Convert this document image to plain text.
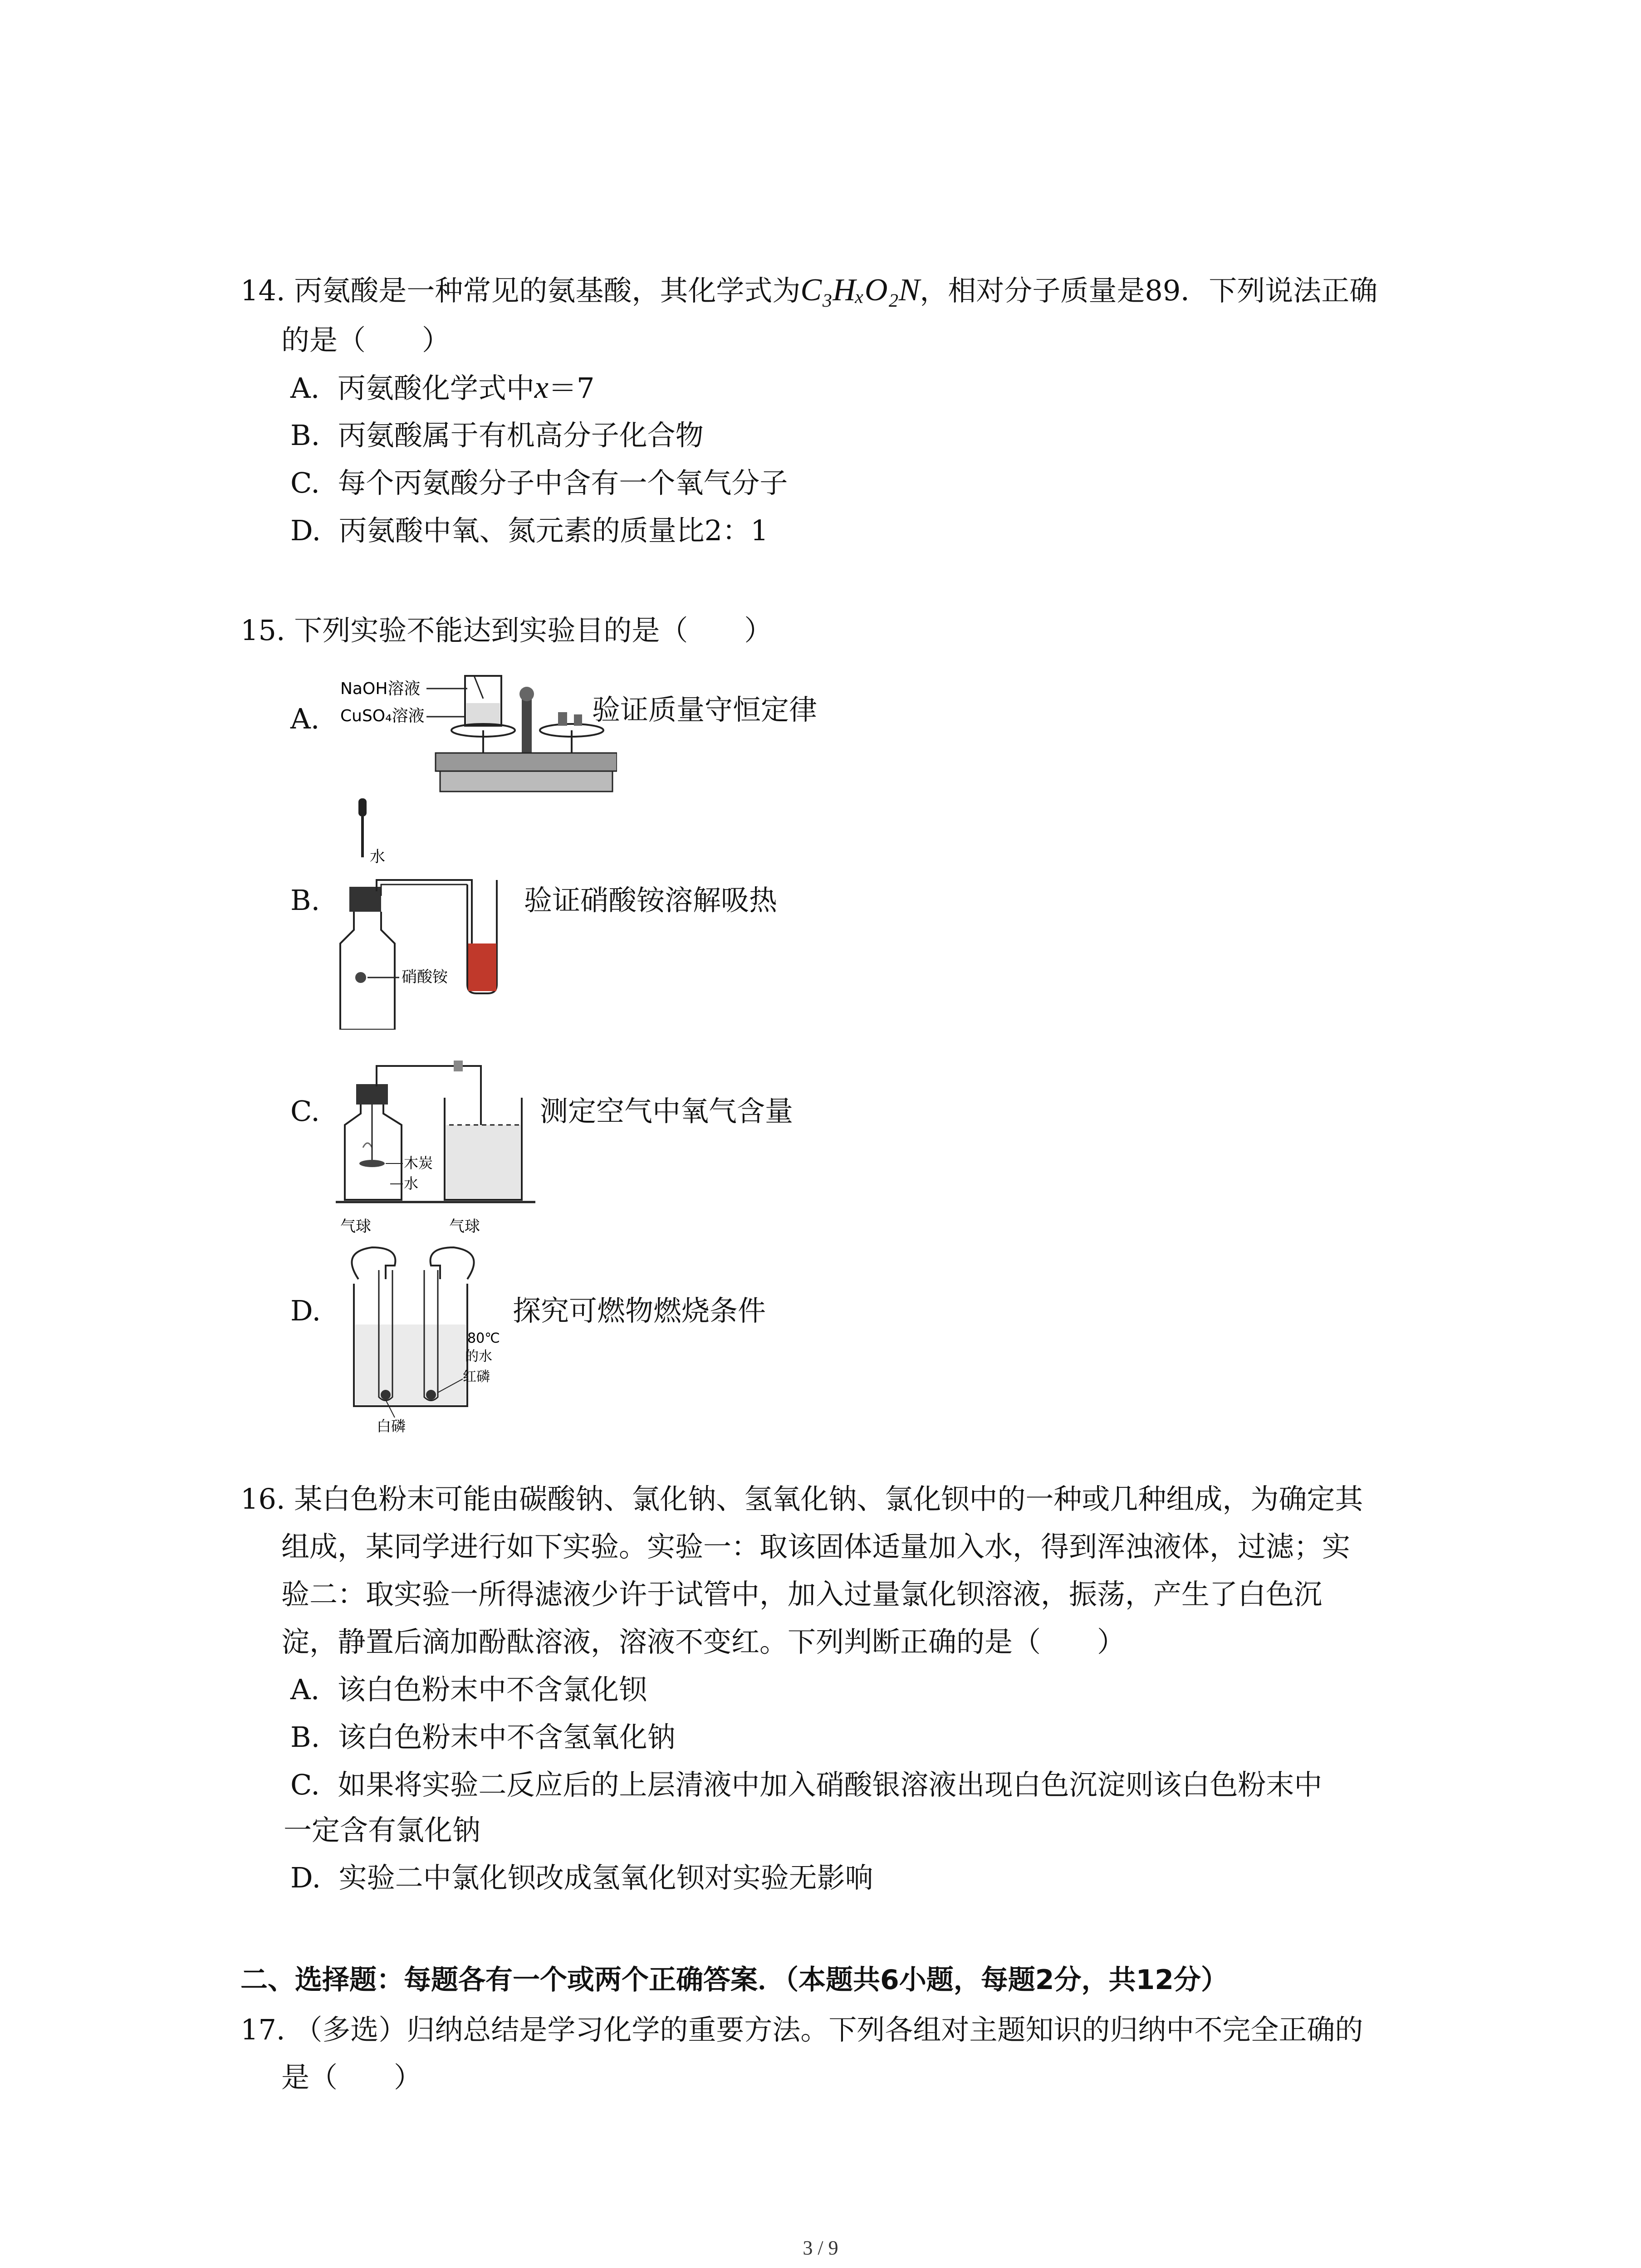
14. 丙氨酸是一种常见的氨基酸，其化学式为C₃HₓO₂N，相对分子质量是89．下列说法正确
的是（　　）
A. 丙氨酸化学式中x＝7
B. 丙氨酸属于有机高分子化合物
C. 每个丙氨酸分子中含有一个氧气分子
D. 丙氨酸中氧、氮元素的质量比2：1
15. 下列实验不能达到实验目的是（　　）
A.
NaOH溶液
CuSO₄溶液	验证质量守恒定律
B.
水
硝酸铵
验证硝酸铵溶解吸热
C.
木炭
水
测定空气中氧气含量
D.
气球	气球
80℃
的水
红磷
白磷
探究可燃物燃烧条件
16. 某白色粉末可能由碳酸钠、氯化钠、氢氧化钠、氯化钡中的一种或几种组成，为确定其
组成，某同学进行如下实验。实验一：取该固体适量加入水，得到浑浊液体，过滤；实
验二：取实验一所得滤液少许于试管中，加入过量氯化钡溶液，振荡，产生了白色沉
淀，静置后滴加酚酞溶液，溶液不变红。下列判断正确的是（　　）
A. 该白色粉末中不含氯化钡
B. 该白色粉末中不含氢氧化钠
C. 如果将实验二反应后的上层清液中加入硝酸银溶液出现白色沉淀则该白色粉末中
一定含有氯化钠
D. 实验二中氯化钡改成氢氧化钡对实验无影响
二、选择题：每题各有一个或两个正确答案．（本题共6小题，每题2分，共12分）
17. （多选）归纳总结是学习化学的重要方法。下列各组对主题知识的归纳中不完全正确的
是（　　）
3 / 9
